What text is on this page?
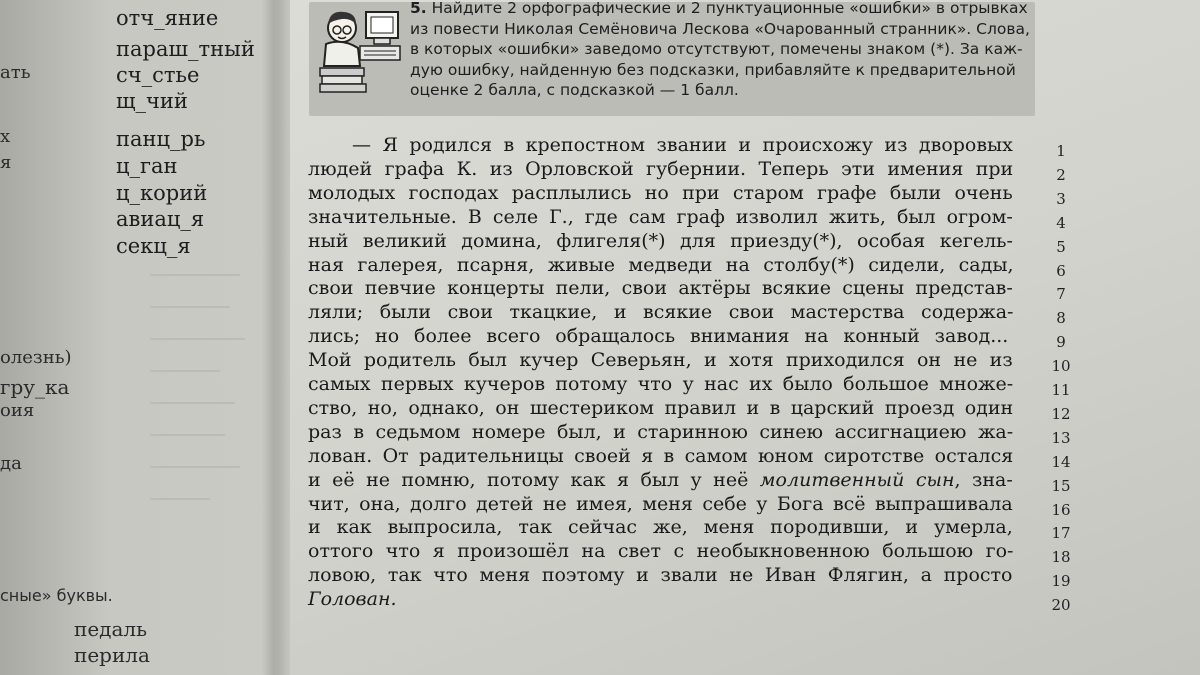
ать
х
я
олезнь)
гру_ка
оия
да
сные» буквы.
педаль
перила
отч_яние
параш_тный
сч_стье
щ_чий
панц_рь
ц_ган
ц_корий
авиац_я
секц_я
5. Найдите 2 орфографические и 2 пунктуационные «ошибки» в отрывках
из повести Николая Семёновича Лескова «Очарованный странник». Слова,
в которых «ошибки» заведомо отсутствуют, помечены знаком (*). За каж-
дую ошибку, найденную без подсказки, прибавляйте к предварительной
оценке 2 балла, с подсказкой — 1 балл.
— Я родился в крепостном звании и происхожу из дворовых
людей графа К. из Орловской губернии. Теперь эти имения при
молодых господах расплылись но при старом графе были очень
значительные. В селе Г., где сам граф изволил жить, был огром-
ный великий домина, флигеля(*) для приезду(*), особая кегель-
ная галерея, псарня, живые медведи на столбу(*) сидели, сады,
свои певчие концерты пели, свои актёры всякие сцены представ-
ляли; были свои ткацкие, и всякие свои мастерства содержа-
лись; но более всего обращалось внимания на конный завод...
Мой родитель был кучер Северьян, и хотя приходился он не из
самых первых кучеров потому что у нас их было большое множе-
ство, но, однако, он шестериком правил и в царский проезд один
раз в седьмом номере был, и старинною синею ассигнациею жа-
лован. От радительницы своей я в самом юном сиротстве остался
и её не помню, потому как я был у неё молитвенный сын, зна-
чит, она, долго детей не имея, меня себе у Бога всё выпрашивала
и как выпросила, так сейчас же, меня породивши, и умерла,
оттого что я произошёл на свет с необыкновенною большою го-
ловою, так что меня поэтому и звали не Иван Флягин, а просто
Голован.
1
2
3
4
5
6
7
8
9
10
11
12
13
14
15
16
17
18
19
20
